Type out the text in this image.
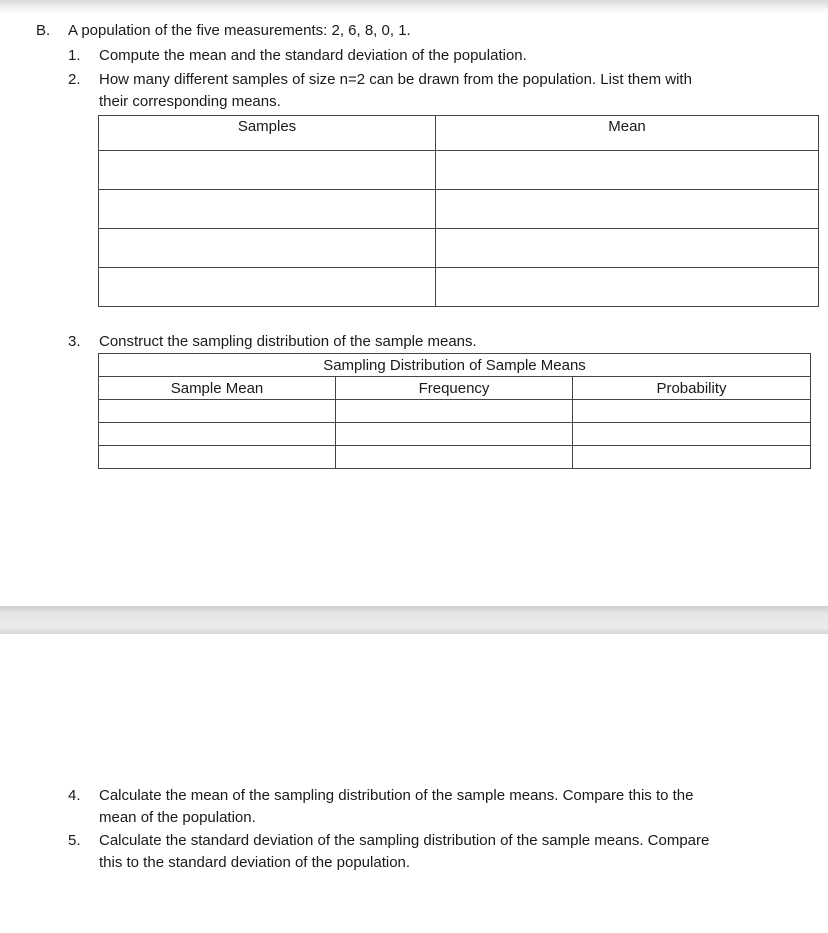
B. A population of the five measurements: 2, 6, 8, 0, 1.
1. Compute the mean and the standard deviation of the population.
2. How many different samples of size n=2 can be drawn from the population. List them with
their corresponding means.
Samples	Mean

3. Construct the sampling distribution of the sample means.
Sampling Distribution of Sample Means		
Sample Mean	Frequency	Probability

4. Calculate the mean of the sampling distribution of the sample means. Compare this to the
mean of the population.
5. Calculate the standard deviation of the sampling distribution of the sample means. Compare
this to the standard deviation of the population.
